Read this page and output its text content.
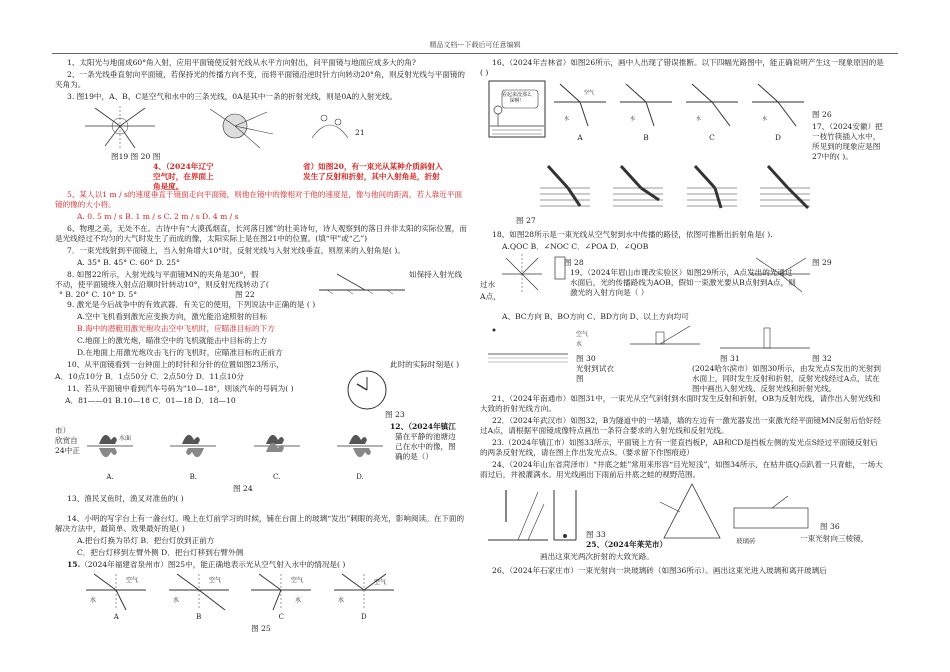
精品文档---下载后可任意编辑

1、太阳光与地面成60°角入射，应用平面镜使反射光线从水平方向射出，问平面镜与地面应成多大的角?

2、一条光线垂直射向平面镜，若保持光的传播方向不变，而将平面镜沿逆时针方向转动20°角，则反射光线与平面镜的夹角为。

3. 图19中，A、B、C是空气和水中的三条光线，0A是其中一条的折射光线，则是0A的入射光线。

图19 图 20 图
21
4、（2024年辽宁	省）如图20，有一束光从某种介质斜射入
空气时，在界面上	发生了反射和折射，其中入射角是，折射
角是度。

5、某人以1 m / s的速度垂直于镜面走向平面镜，则他在镜中的像相对于他的速度是，像与他间的距离，若人靠近平面镜的像的大小将。

A. 0. 5 m / s B. 1 m / s C. 2 m / s D. 4 m / s

6、物理之美，无处不在。古诗中有“大漠孤烟直，长河落日圆”的壮美诗句，诗人观察到的落日并非太阳的实际位置，而是光线经过不均匀的大气时发生了而成的像，太阳实际上是在图21中的位置。(填“甲”或“乙”)

7．一束光线射到平面镜上，当入射角增大10°时，反射光线与入射光线垂直，则原来的入射角是( )。

A. 35° B. 45° C. 60° D. 25°

8. 如图22所示，入射光线与平面镜MN的夹角是30°，假	如保持入射光线
不动，使平面镜绕入射点沿顺时针转动10°，则反射光线转动了(
° B. 20° C. 10° D. 5°	图 22

9. 激光是今后战争中的有效武器．有关它的使用，下列说法中正确的是 ( )

A.空中飞机看到激光应变换方向，激光能沿途照射的目标

B.海中的潜艇用激光炮攻击空中飞机时，应瞄准目标的下方

C.地面上的激光炮，瞄准空中的飞机就能击中目标的上方

D.在地面上用激光炮攻击飞行的飞机时，应瞄准目标的正前方

10、从平面镜看到一台钟面上的时针和分针的位置如图23所示，	此时的实际时刻是( )
A．10点10分 B．1点50分 C．2点50分 D．11点10分
11、若从平面镜中看到汽车号码为"10—18"，则该汽车的号码为( )
A．81——01 B.10—18 C．01—18 D．18—10
图 23
12、（2024年镇江
市）
猫在平静的池塘边
欣赏自
己在水中的像，图
24中正
确的是（）
A.	B.	C.	D.
水面
图 24

13、渔民叉鱼时，渔叉对准鱼的( )

14、小明的写字台上有一盏台灯。晚上在灯前学习的时候，铺在台面上的玻璃“发出”刺眼的亮光，影响阅读。在下面的解决方法中，最简单、效果最好的是( )

A.把台灯换为吊灯 B．把台灯放到正前方

C．把台灯移到左臂外侧 D．把台灯移到右臂外侧

15.（2024年福建省泉州市）图25中，能正确地表示光从空气射入水中的情况是( )

空气
水
A
空气
水
B
空气
水
C
空气
水
D
图 25

16、（2024年吉林省）如图26所示，画中人出现了错误推断。以下四幅光路图中，能正确说明产生这一现象原因的是 ( )

看起来没那么深啊！
空气
水
A
水
B
水
C
水
D
图 26
17、（2024安徽）把一枝竹筷插入水中，所见到的现象应是图27中的( )。
图 27

18、如图28所示是一束光线从空气射到水中传播的路径，依图可推断出折射角是( ).

A.QOC B．∠NOC C．∠POA D．∠QOB

过水
A点，
图 28
19、（2024年眉山市课改实验区）如图29所示，A点发出的光通过水面后，光的传播路线为AOB，假如一束激光要从B点射到A点，则激光的入射方向是（ ）
图 29

A、BC方向 B、BO方向 C、BD方向 D、以上方向均可

空气
水
图 30
光射到试衣图
图 31	图 32
(2024哈尔滨市）如图30所示，由发光点S发出的光射到水面上，同时发生反射和折射，反射光线经过A点，试在图中画出入射光线、反射光线和折射光线。

21、（2024年南通市）如图31中，一束光从空气斜射到水面时发生反射和折射，OB为反射光线，请作出入射光线和大致的折射光线方向。

22．（2024年武汉市）如图32，B为隧道中的一堵墙，墙的左边有一激光器发出一束激光经平面镜MN反射后恰好经过A点，请根据平面镜成像特点画出一条符合要求的入射光线和反射光线。

23.（2024年镇江市）如图33所示，平面镜上方有一竖直挡板P，AB和CD是挡板左侧的发光点S经过平面镜反射后的两条反射光线，请在图上作出发光点S。（要求留下作图痕迹）

24、（2024年山东省菏泽市）“井底之蛙”常用来形容“目光短浅”，如图34所示，在枯井底Q点趴着一只青蛙，一场大雨过后，井被灌满水。用光线画出下雨前后井底之蛙的视野范围。

图 33
25、（2024年莱芜市）
画出这束光两次折射的大致光路。
玻璃砖
图 36
一束光射向三棱镜，

26、（2024年石家庄市）一束光射向一块玻璃砖（如图36所示）。画出这束光进入玻璃和离开玻璃后
